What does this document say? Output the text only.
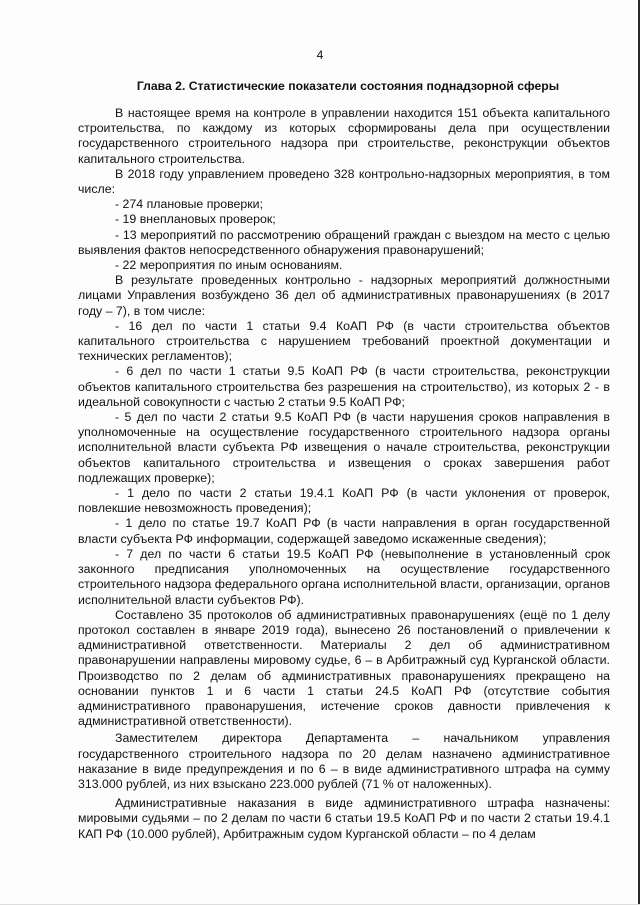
4
Глава 2. Статистические показатели состояния поднадзорной сферы

В настоящее время на контроле в управлении находится 151 объекта капитального строительства, по каждому из которых сформированы дела при осуществлении государственного строительного надзора при строительстве, реконструкции объектов капитального строительства.

В 2018 году управлением проведено 328 контрольно-надзорных мероприятия, в том числе:

- 274 плановые проверки;

- 19 внеплановых проверок;

- 13 мероприятий по рассмотрению обращений граждан с выездом на место с целью выявления фактов непосредственного обнаружения правонарушений;

- 22 мероприятия по иным основаниям.

В результате проведенных контрольно - надзорных мероприятий должностными лицами Управления возбуждено 36 дел об административных правонарушениях (в 2017 году – 7), в том числе:

- 16 дел по части 1 статьи 9.4 КоАП РФ (в части строительства объектов капитального строительства с нарушением требований проектной документации и технических регламентов);

- 6 дел по части 1 статьи 9.5 КоАП РФ (в части строительства, реконструкции объектов капитального строительства без разрешения на строительство), из которых 2 - в идеальной совокупности с частью 2 статьи 9.5 КоАП РФ;

- 5 дел по части 2 статьи 9.5 КоАП РФ (в части нарушения сроков направления в уполномоченные на осуществление государственного строительного надзора органы исполнительной власти субъекта РФ извещения о начале строительства, реконструкции объектов капитального строительства и извещения о сроках завершения работ подлежащих проверке);

- 1 дело по части 2 статьи 19.4.1 КоАП РФ (в части уклонения от проверок, повлекшие невозможность проведения);

- 1 дело по статье 19.7 КоАП РФ (в части направления в орган государственной власти субъекта РФ информации, содержащей заведомо искаженные сведения);

- 7 дел по части 6 статьи 19.5 КоАП РФ (невыполнение в установленный срок законного предписания уполномоченных на осуществление государственного строительного надзора федерального органа исполнительной власти, организации, органов исполнительной власти субъектов РФ).

Составлено 35 протоколов об административных правонарушениях (ещё по 1 делу протокол составлен в январе 2019 года), вынесено 26 постановлений о привлечении к административной ответственности. Материалы 2 дел об административном правонарушении направлены мировому судье, 6 – в Арбитражный суд Курганской области. Производство по 2 делам об административных правонарушениях прекращено на основании пунктов 1 и 6 части 1 статьи 24.5 КоАП РФ (отсутствие события административного правонарушения, истечение сроков давности привлечения к административной ответственности).

Заместителем директора Департамента – начальником управления государственного строительного надзора по 20 делам назначено административное наказание в виде предупреждения и по 6 – в виде административного штрафа на сумму 313.000 рублей, из них взыскано 223.000 рублей (71 % от наложенных).

Административные наказания в виде административного штрафа назначены: мировыми судьями – по 2 делам по части 6 статьи 19.5 КоАП РФ и по части 2 статьи 19.4.1 КАП РФ (10.000 рублей), Арбитражным судом Курганской области – по 4 делам
